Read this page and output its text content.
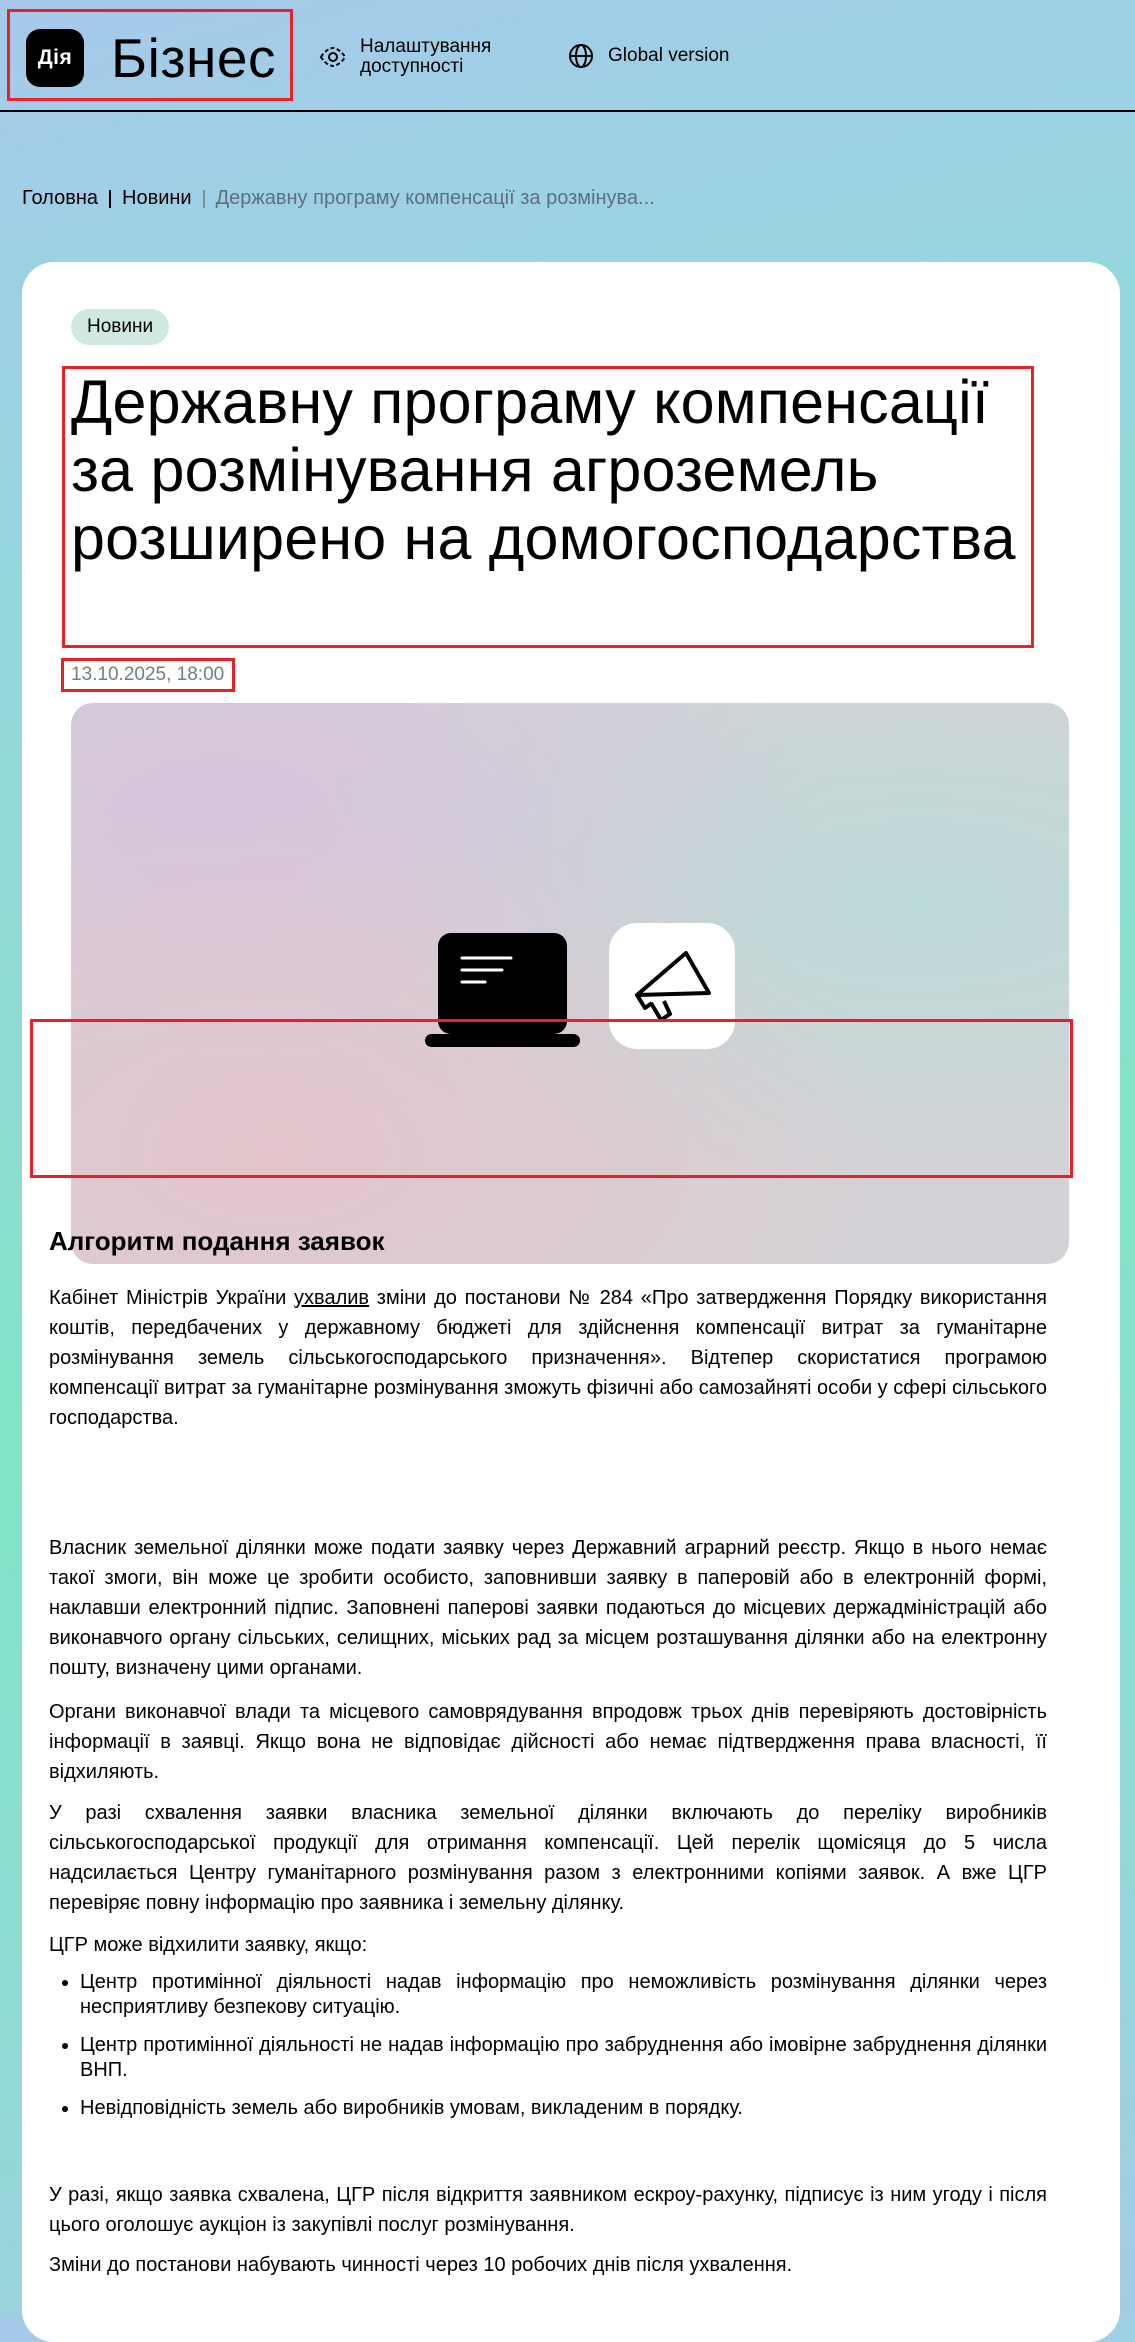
Дія Бізнес	Налаштування
доступності
Global version
Головна Новини Державну програму компенсації за розмінува...
Новини
Державну програму компенсації за розмінування агроземель розширено на домогосподарства
13.10.2025, 18:00

Кабінет Міністрів України ухвалив зміни до постанови № 284 «Про затвердження Порядку використання коштів, передбачених у державному бюджеті для здійснення компенсації витрат за гуманітарне розмінування земель сільськогосподарського призначення». Відтепер скористатися програмою компенсації витрат за гуманітарне розмінування зможуть фізичні або самозайняті особи у сфері сільського господарства.

Алгоритм подання заявок

Власник земельної ділянки може подати заявку через Державний аграрний реєстр. Якщо в нього немає такої змоги, він може це зробити особисто, заповнивши заявку в паперовій або в електронній формі, наклавши електронний підпис. Заповнені паперові заявки подаються до місцевих держадміністрацій або виконавчого органу сільських, селищних, міських рад за місцем розташування ділянки або на електронну пошту, визначену цими органами.

Органи виконавчої влади та місцевого самоврядування впродовж трьох днів перевіряють достовірність інформації в заявці. Якщо вона не відповідає дійсності або немає підтвердження права власності, її відхиляють.

У разі схвалення заявки власника земельної ділянки включають до переліку виробників сільськогосподарської продукції для отримання компенсації. Цей перелік щомісяця до 5 числа надсилається Центру гуманітарного розмінування разом з електронними копіями заявок. А вже ЦГР перевіряє повну інформацію про заявника і земельну ділянку.

ЦГР може відхилити заявку, якщо:

• Центр протимінної діяльності надав інформацію про неможливість розмінування ділянки через несприятливу безпекову ситуацію.
• Центр протимінної діяльності не надав інформацію про забруднення або імовірне забруднення ділянки ВНП.
• Невідповідність земель або виробників умовам, викладеним в порядку.

У разі, якщо заявка схвалена, ЦГР після відкриття заявником ескроу-рахунку, підписує із ним угоду і після цього оголошує аукціон із закупівлі послуг розмінування.

Зміни до постанови набувають чинності через 10 робочих днів після ухвалення.
